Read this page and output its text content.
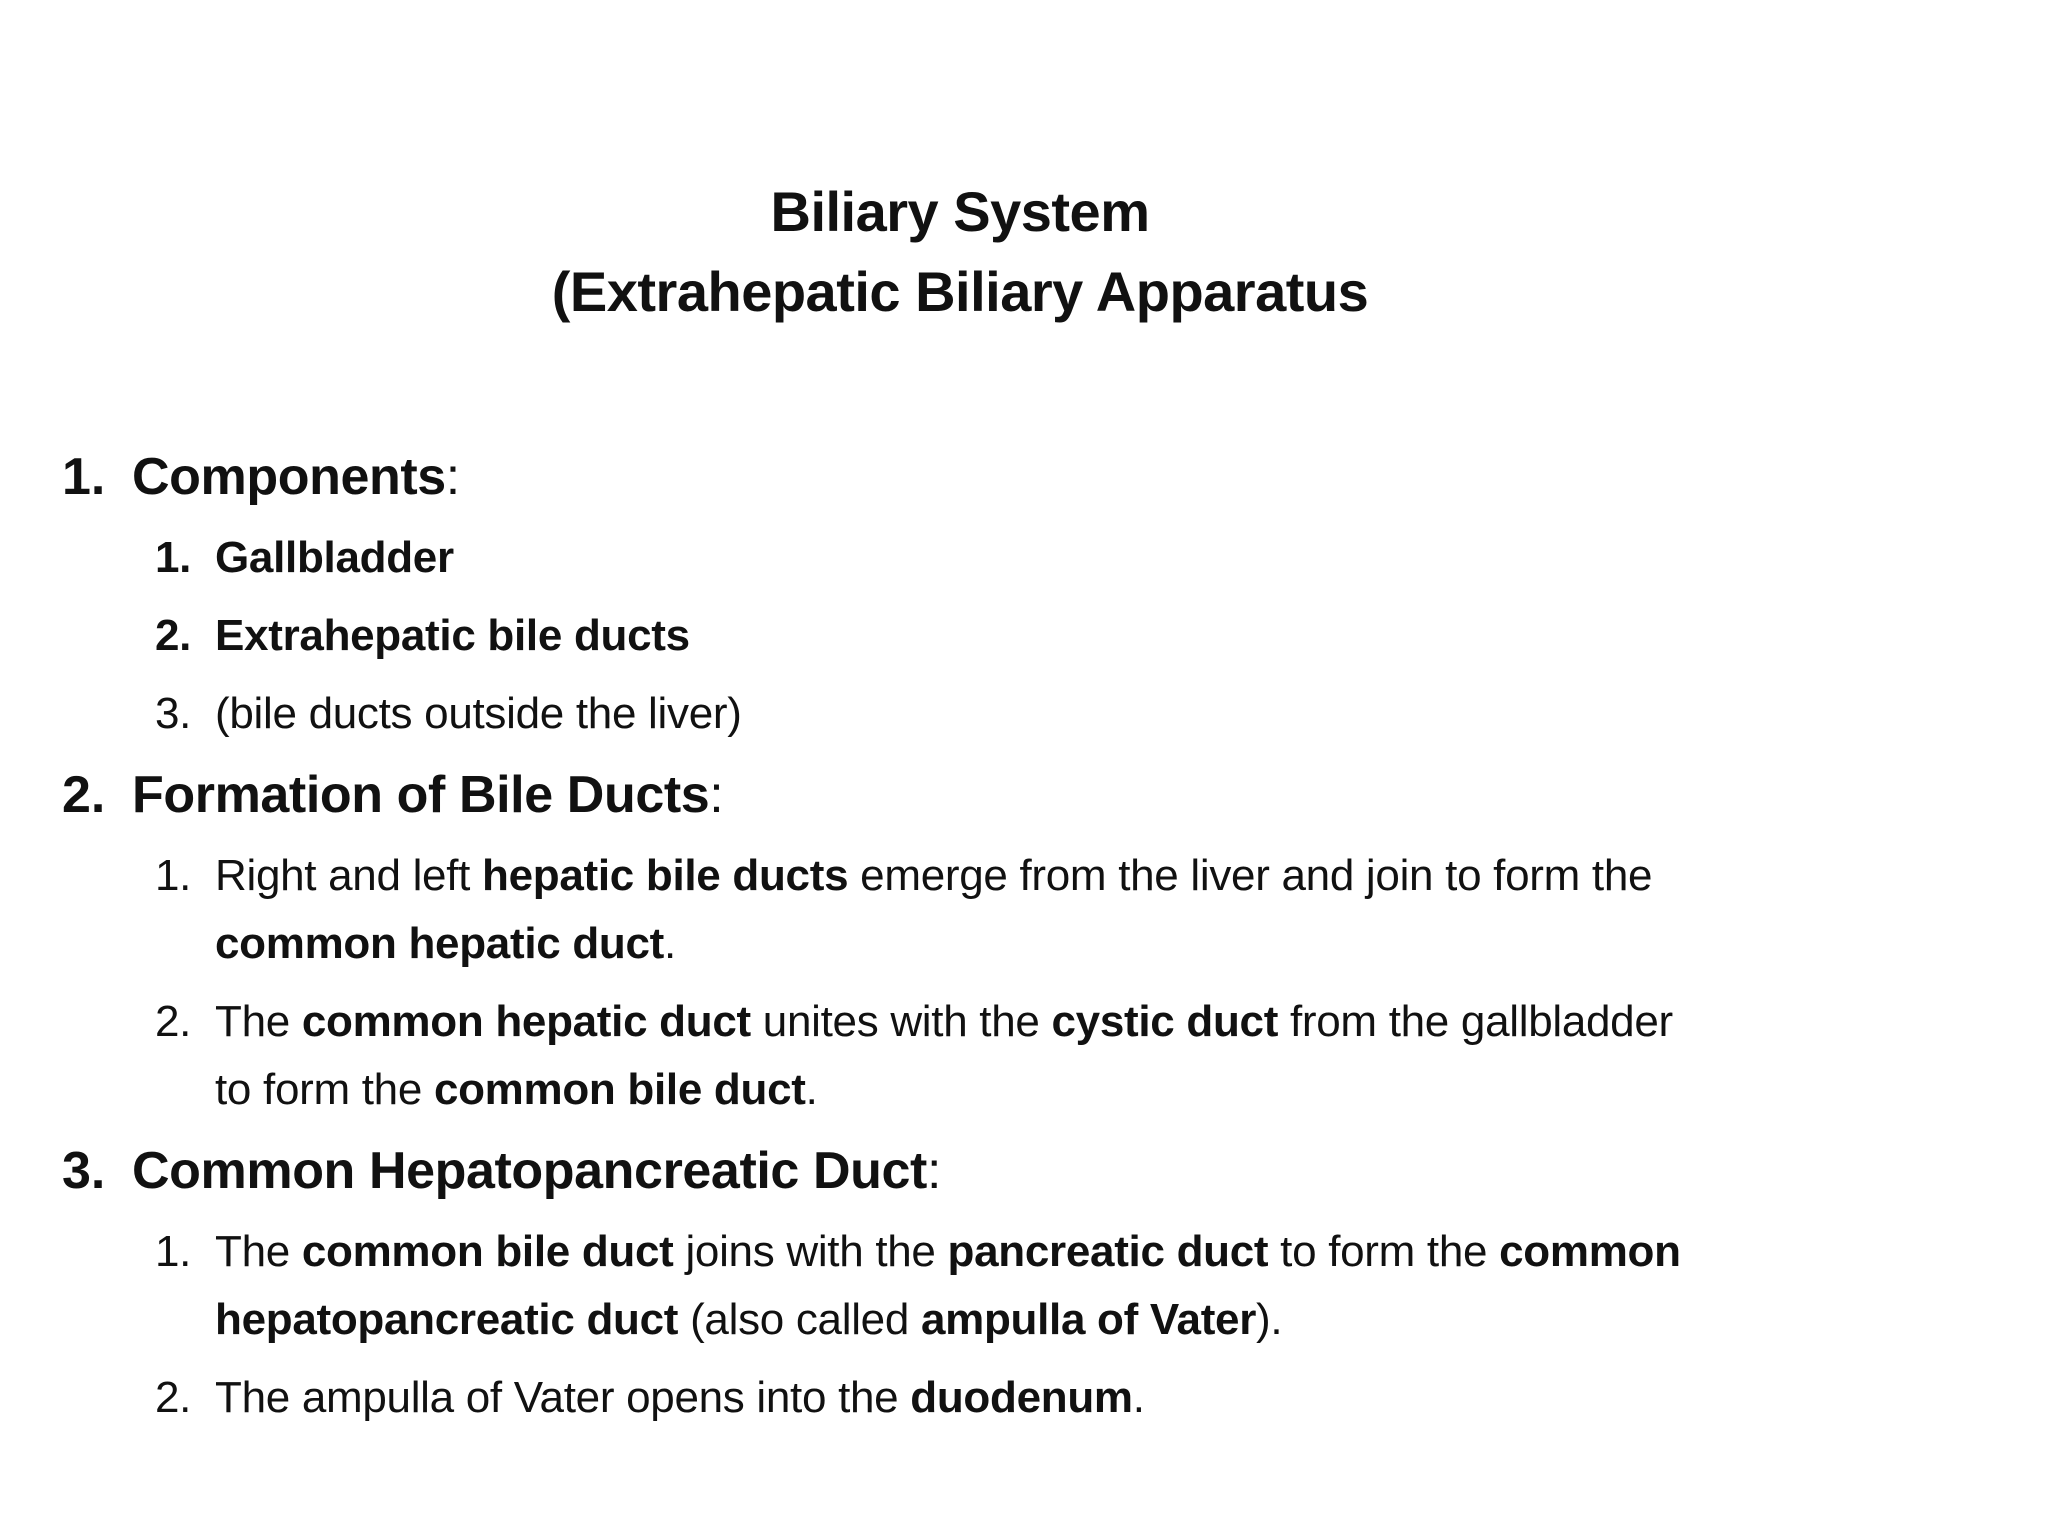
Biliary System
(Extrahepatic Biliary Apparatus
1. Components:
1. Gallbladder
2. Extrahepatic bile ducts
3. (bile ducts outside the liver)
2. Formation of Bile Ducts:
1. Right and left hepatic bile ducts emerge from the liver and join to form the common hepatic duct.
2. The common hepatic duct unites with the cystic duct from the gallbladder to form the common bile duct.
3. Common Hepatopancreatic Duct:
1. The common bile duct joins with the pancreatic duct to form the common hepatopancreatic duct (also called ampulla of Vater).
2. The ampulla of Vater opens into the duodenum.
